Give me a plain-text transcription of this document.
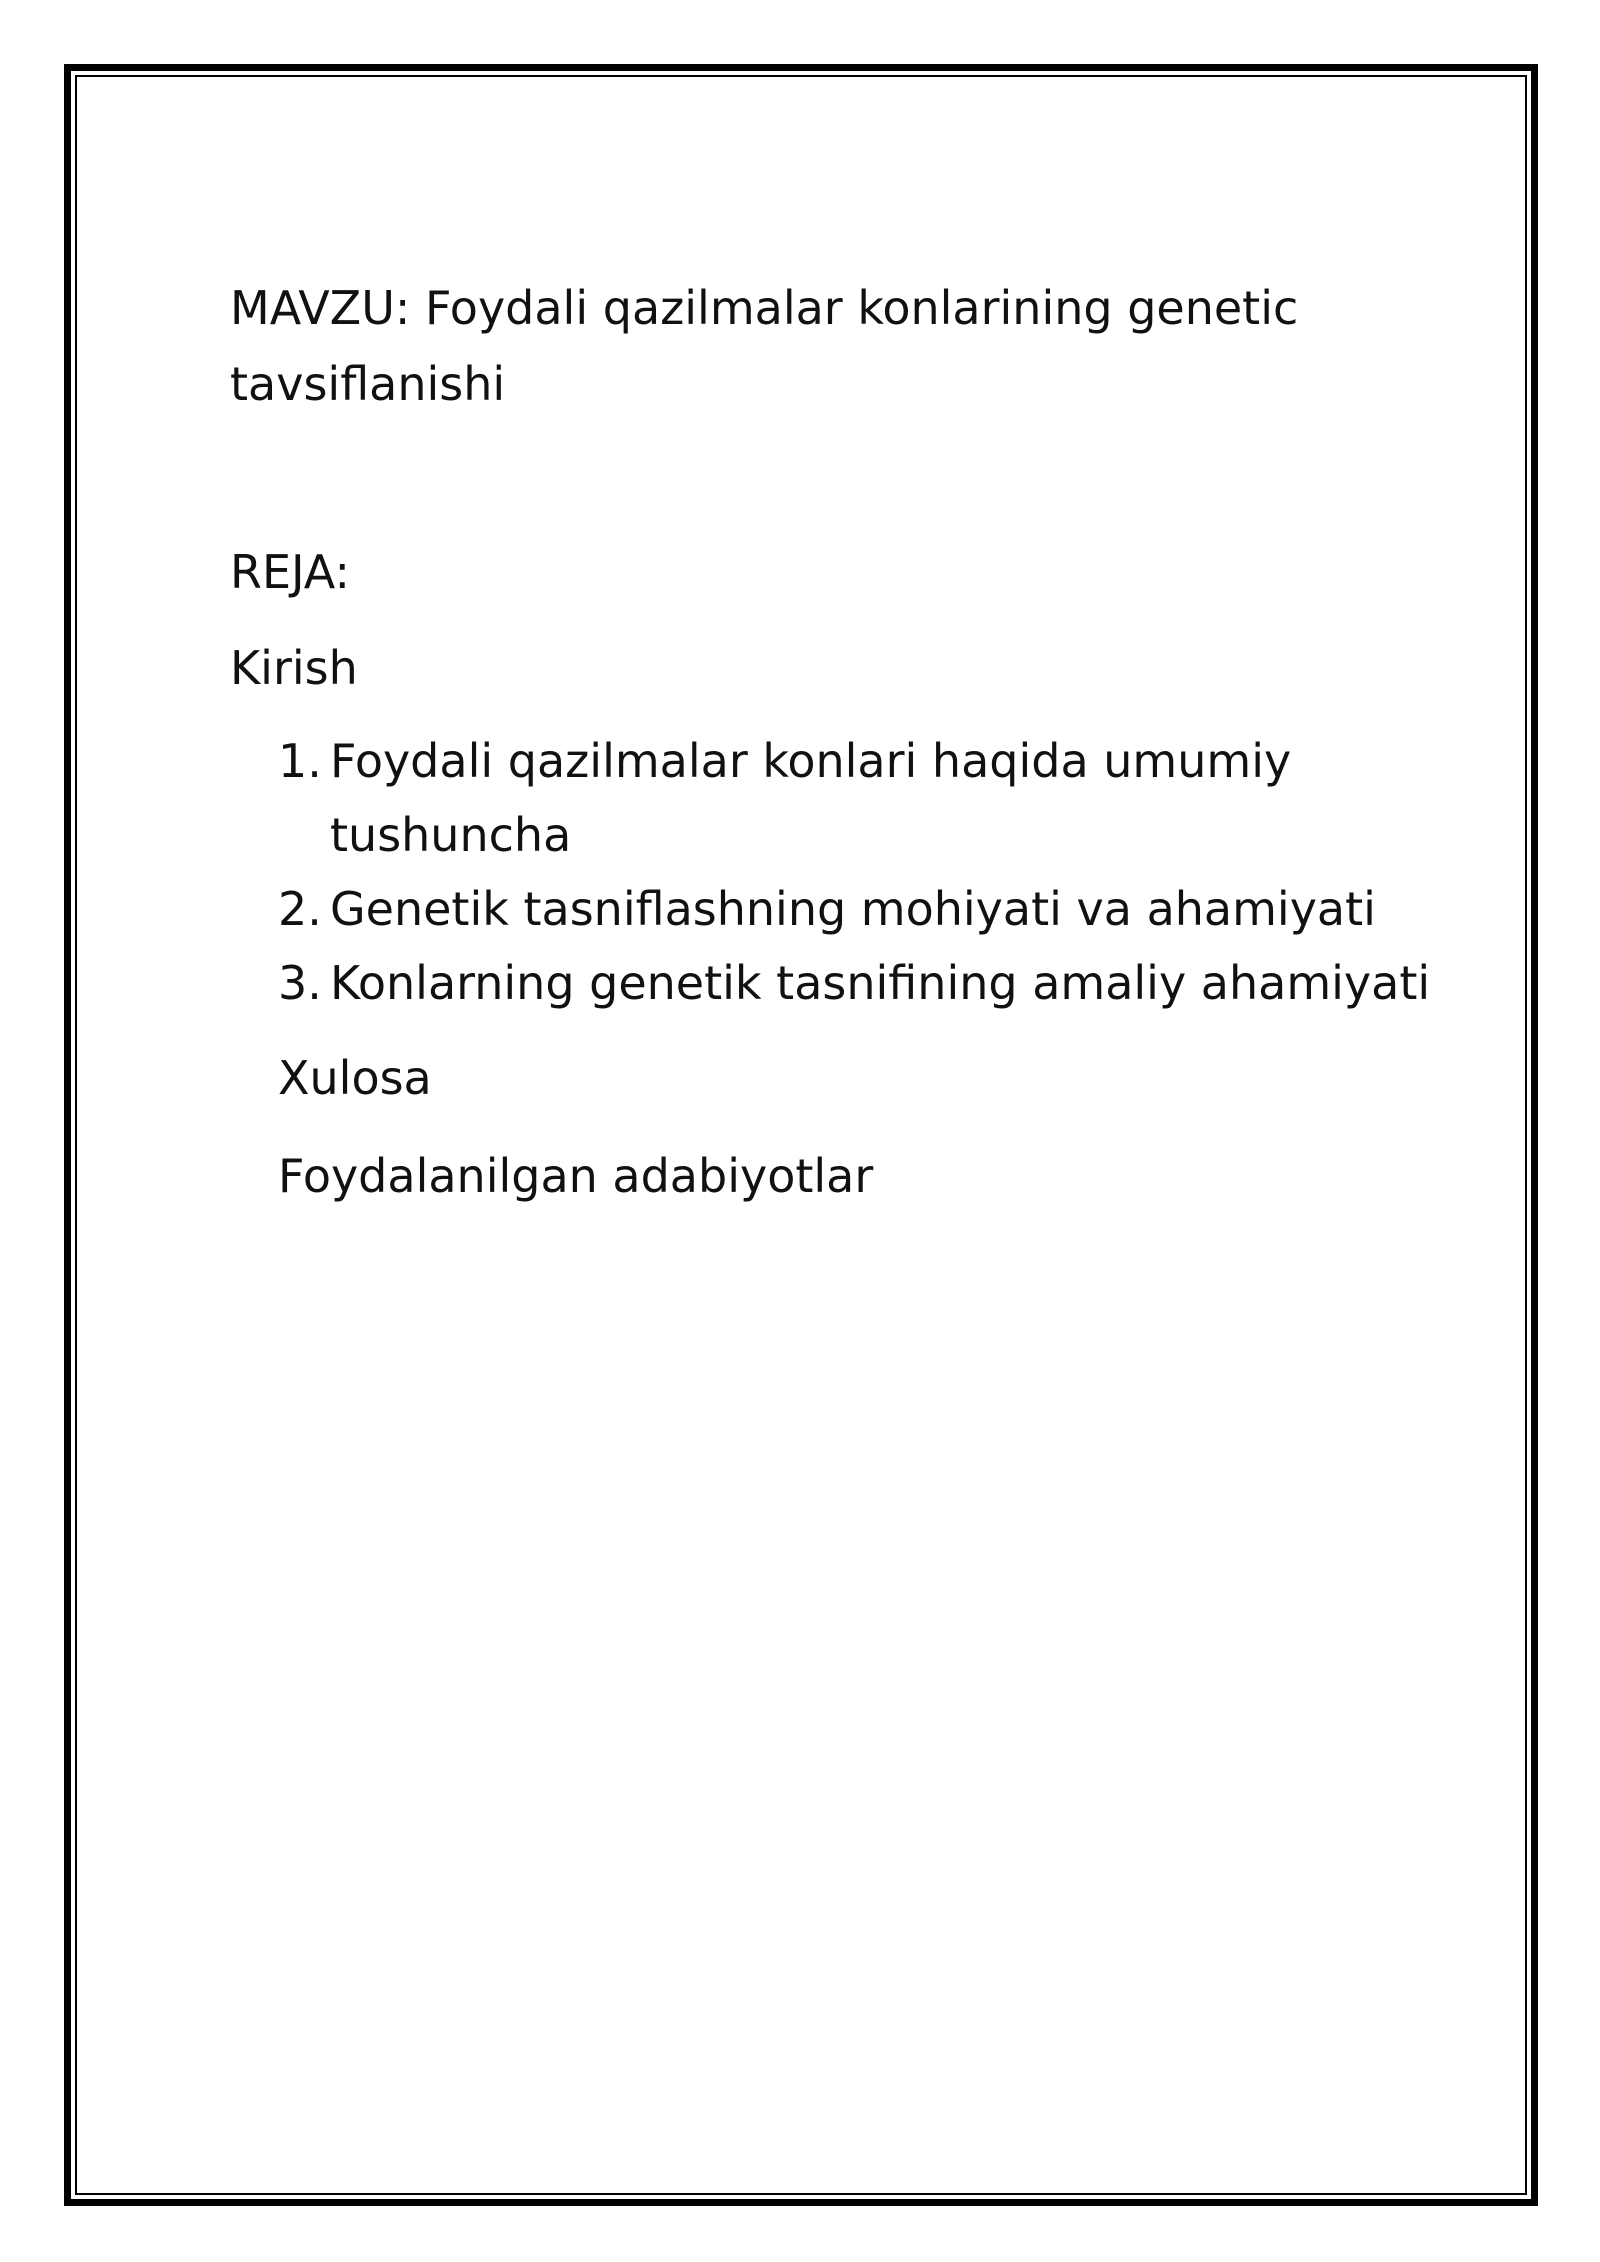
MAVZU: Foydali qazilmalar konlarining genetic tavsiflanishi

REJA:

Kirish

1. Foydali qazilmalar konlari haqida umumiy tushuncha
2. Genetik tasniflashning mohiyati va ahamiyati
3. Konlarning genetik tasnifining amaliy ahamiyati

Xulosa

Foydalanilgan adabiyotlar
